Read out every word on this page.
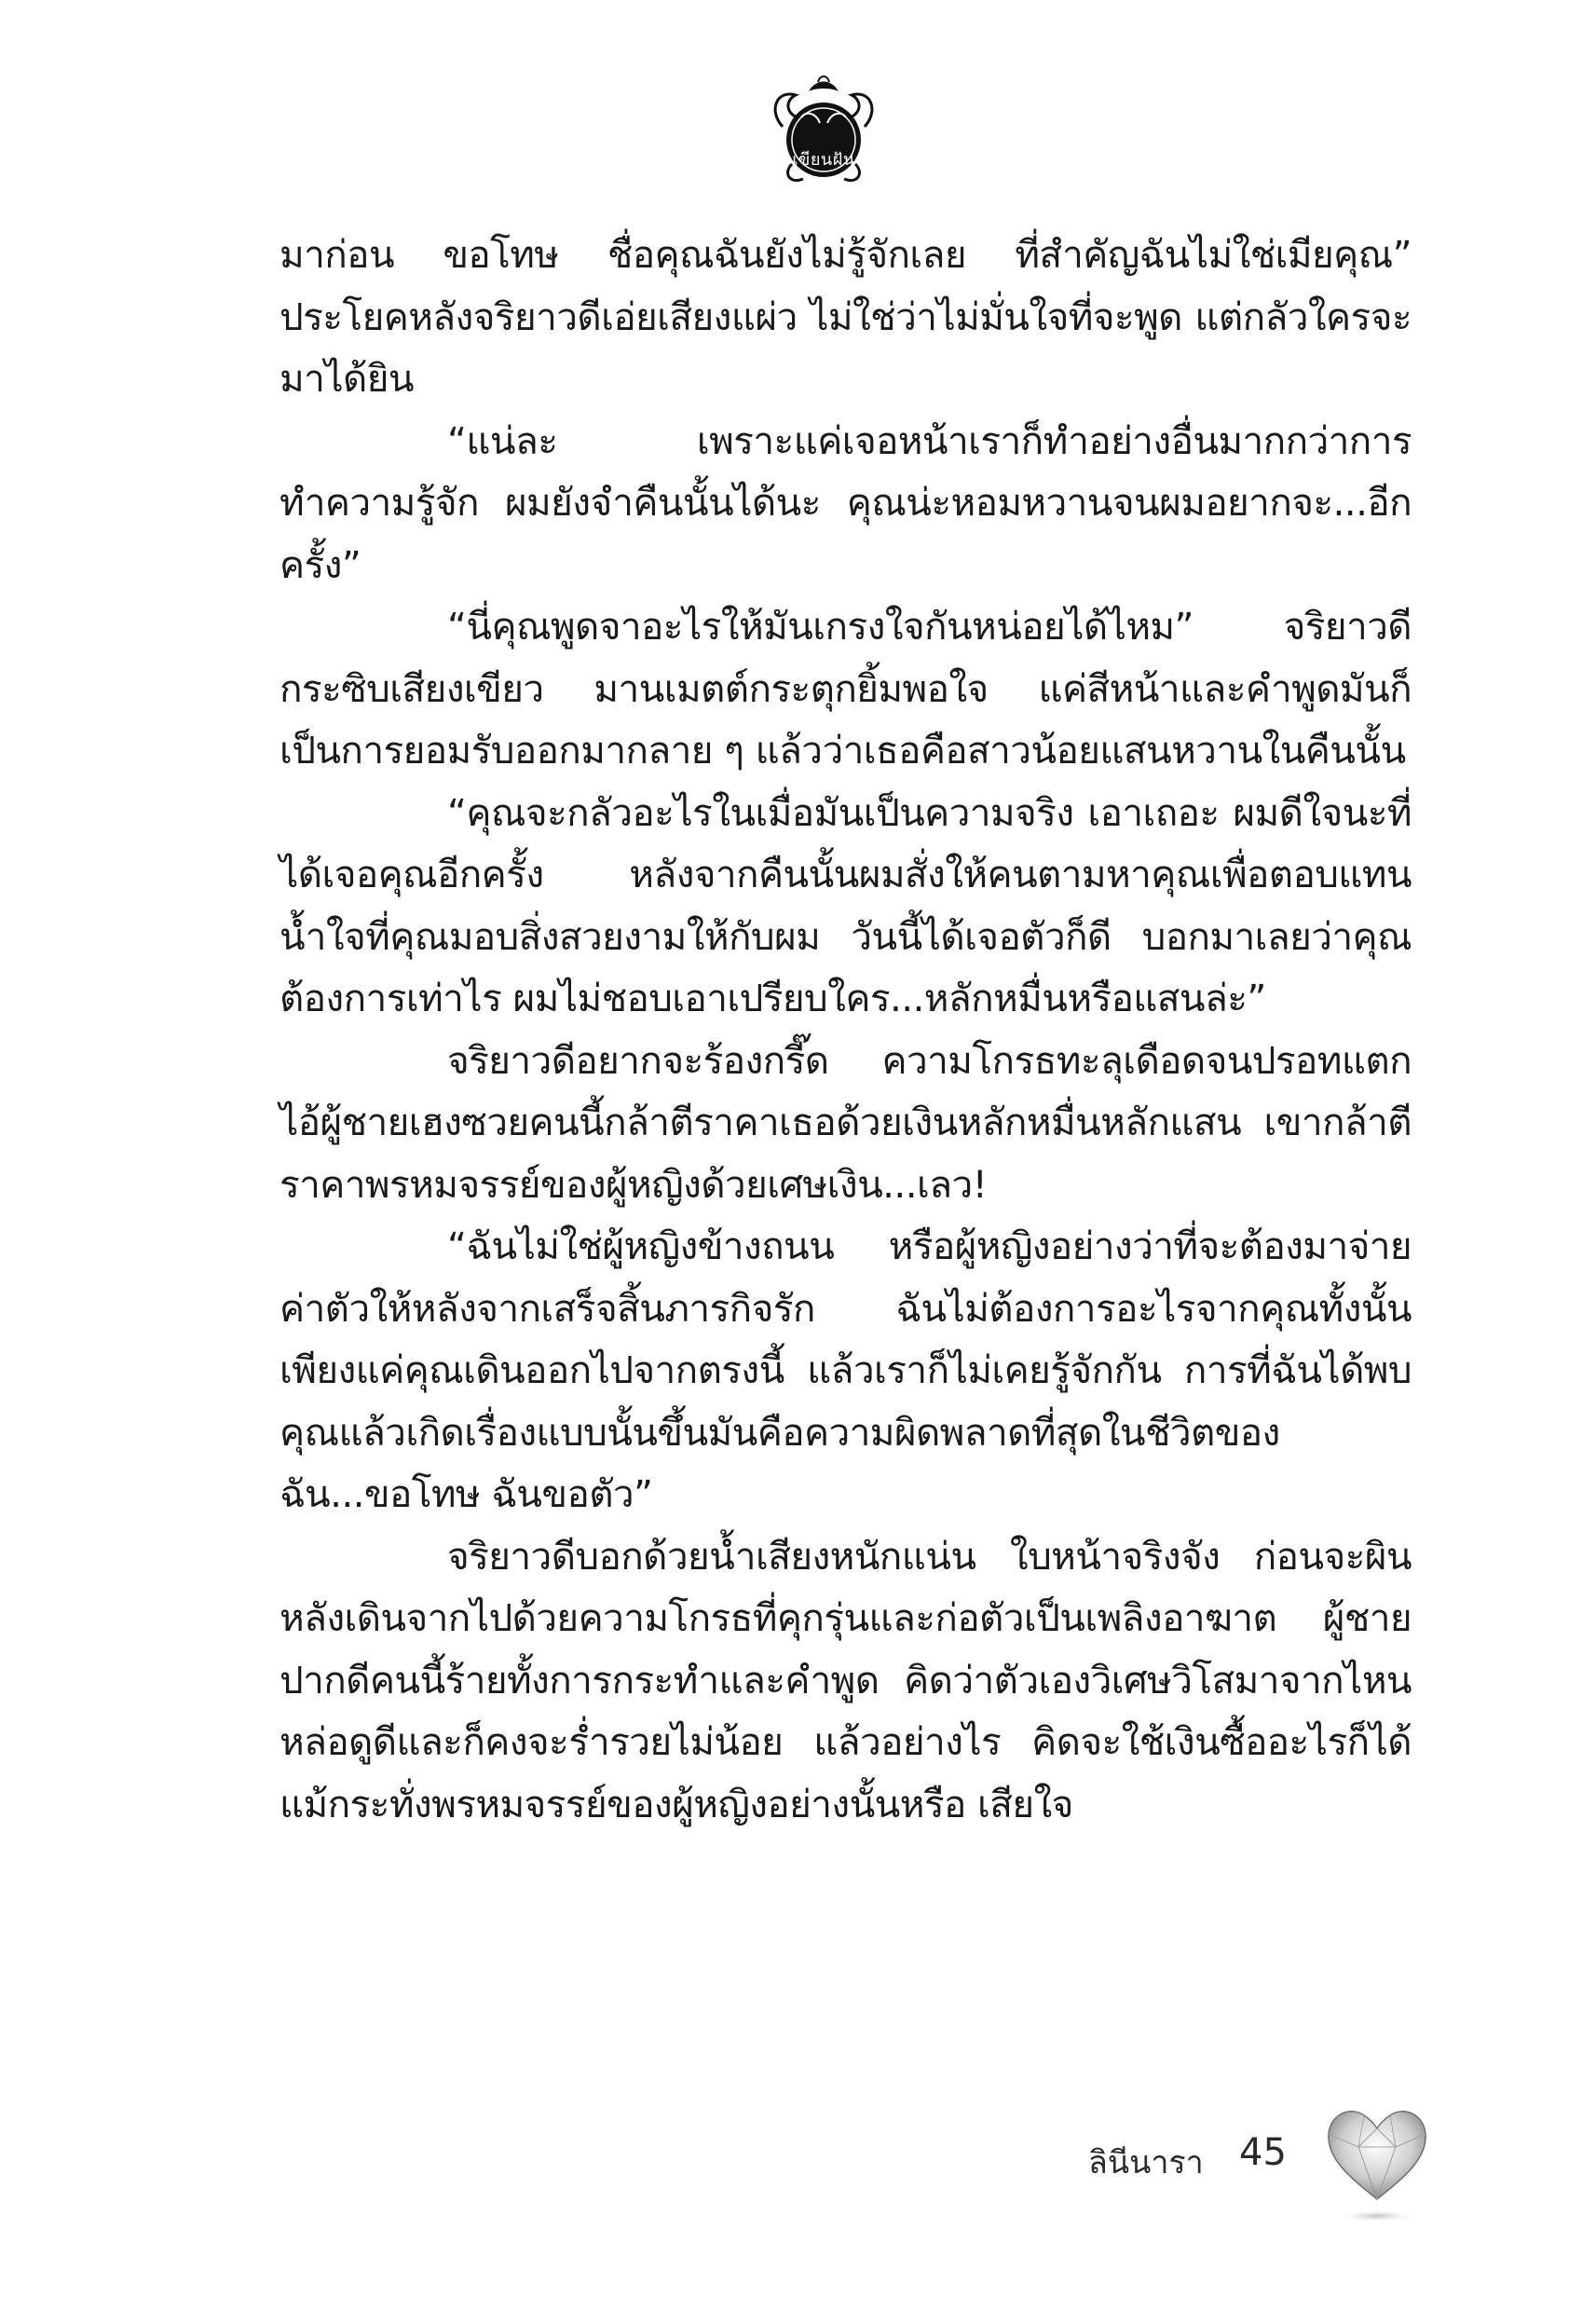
เขียนฝัน

มาก่อน ขอโทษ ชื่อคุณฉันยังไม่รู้จักเลย ที่สำคัญฉันไม่ใช่เมียคุณ” ประโยคหลังจริยาวดีเอ่ยเสียงแผ่ว ไม่ใช่ว่าไม่มั่นใจที่จะพูด แต่กลัวใครจะมาได้ยิน

“แน่ละ เพราะแค่เจอหน้าเราก็ทำอย่างอื่นมากกว่าการทำความรู้จัก ผมยังจำคืนนั้นได้นะ คุณน่ะหอมหวานจนผมอยากจะ...อีกครั้ง”

“นี่คุณพูดจาอะไรให้มันเกรงใจกันหน่อยได้ไหม” จริยาวดีกระซิบเสียงเขียว มานเมตต์กระตุกยิ้มพอใจ แค่สีหน้าและคำพูดมันก็เป็นการยอมรับออกมากลาย ๆ แล้วว่าเธอคือสาวน้อยแสนหวานในคืนนั้น

“คุณจะกลัวอะไรในเมื่อมันเป็นความจริง เอาเถอะ ผมดีใจนะที่ได้เจอคุณอีกครั้ง หลังจากคืนนั้นผมสั่งให้คนตามหาคุณเพื่อตอบแทนน้ำใจที่คุณมอบสิ่งสวยงามให้กับผม วันนี้ได้เจอตัวก็ดี บอกมาเลยว่าคุณต้องการเท่าไร ผมไม่ชอบเอาเปรียบใคร...หลักหมื่นหรือแสนล่ะ”

จริยาวดีอยากจะร้องกรี๊ด ความโกรธทะลุเดือดจนปรอทแตก ไอ้ผู้ชายเฮงซวยคนนี้กล้าตีราคาเธอด้วยเงินหลักหมื่นหลักแสน เขากล้าตีราคาพรหมจรรย์ของผู้หญิงด้วยเศษเงิน...เลว!

“ฉันไม่ใช่ผู้หญิงข้างถนน หรือผู้หญิงอย่างว่าที่จะต้องมาจ่ายค่าตัวให้หลังจากเสร็จสิ้นภารกิจรัก ฉันไม่ต้องการอะไรจากคุณทั้งนั้น เพียงแค่คุณเดินออกไปจากตรงนี้ แล้วเราก็ไม่เคยรู้จักกัน การที่ฉันได้พบคุณแล้วเกิดเรื่องแบบนั้นขึ้นมันคือความผิดพลาดที่สุดในชีวิตของฉัน...ขอโทษ ฉันขอตัว”

จริยาวดีบอกด้วยน้ำเสียงหนักแน่น ใบหน้าจริงจัง ก่อนจะผินหลังเดินจากไปด้วยความโกรธที่คุกรุ่นและก่อตัวเป็นเพลิงอาฆาต ผู้ชายปากดีคนนี้ร้ายทั้งการกระทำและคำพูด คิดว่าตัวเองวิเศษวิโสมาจากไหน หล่อดูดีและก็คงจะร่ำรวยไม่น้อย แล้วอย่างไร คิดจะใช้เงินซื้ออะไรก็ได้แม้กระทั่งพรหมจรรย์ของผู้หญิงอย่างนั้นหรือ เสียใจ

ลินีนารา 45
